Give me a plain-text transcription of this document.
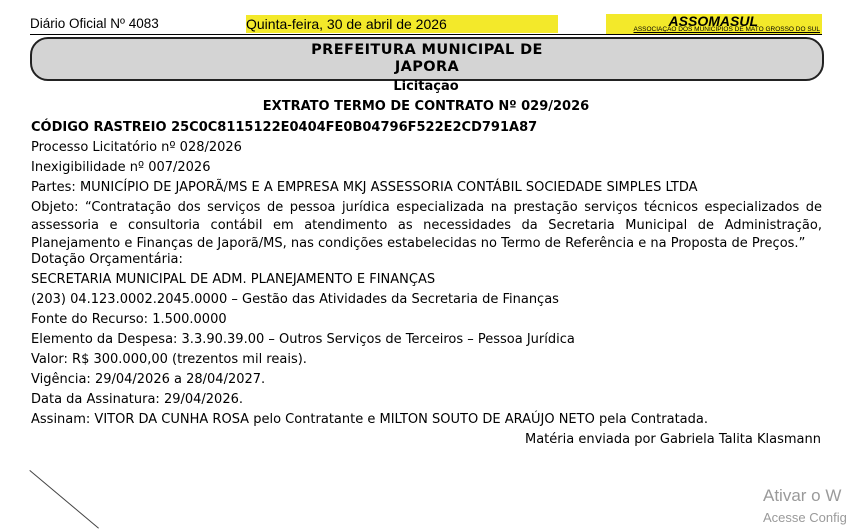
Diário Oficial Nº 4083	Quinta-feira, 30 de abril de 2026	ASSOMASUL
ASSOCIAÇÃO DOS MUNICÍPIOS DE MATO GROSSO DO SUL
PREFEITURA MUNICIPAL DE
JAPORA
Licitação
EXTRATO TERMO DE CONTRATO Nº 029/2026
CÓDIGO RASTREIO 25C0C8115122E0404FE0B04796F522E2CD791A87
Processo Licitatório nº 028/2026
Inexigibilidade nº 007/2026
Partes: MUNICÍPIO DE JAPORÃ/MS E A EMPRESA MKJ ASSESSORIA CONTÁBIL SOCIEDADE SIMPLES LTDA
Objeto: “Contratação dos serviços de pessoa jurídica especializada na prestação serviços técnicos especializados de assessoria e consultoria contábil em atendimento as necessidades da Secretaria Municipal de Administração, Planejamento e Finanças de Japorã/MS, nas condições estabelecidas no Termo de Referência e na Proposta de Preços.”
Dotação Orçamentária:
SECRETARIA MUNICIPAL DE ADM. PLANEJAMENTO E FINANÇAS
(203) 04.123.0002.2045.0000 – Gestão das Atividades da Secretaria de Finanças
Fonte do Recurso: 1.500.0000
Elemento da Despesa: 3.3.90.39.00 – Outros Serviços de Terceiros – Pessoa Jurídica
Valor: R$ 300.000,00 (trezentos mil reais).
Vigência: 29/04/2026 a 28/04/2027.
Data da Assinatura: 29/04/2026.
Assinam: VITOR DA CUNHA ROSA pelo Contratante e MILTON SOUTO DE ARAÚJO NETO pela Contratada.
Matéria enviada por Gabriela Talita Klasmann
Ativar o W
Acesse Config
